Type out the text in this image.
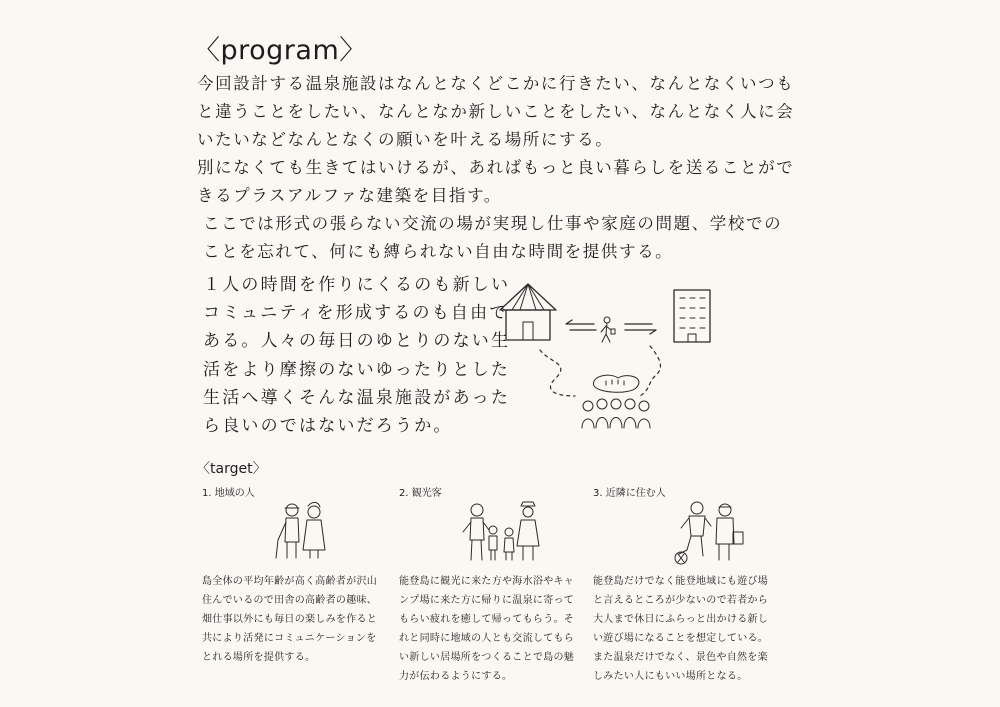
〈program〉
今回設計する温泉施設はなんとなくどこかに行きたい、なんとなくいつも
と違うことをしたい、なんとなか新しいことをしたい、なんとなく人に会
いたいなどなんとなくの願いを叶える場所にする。
別になくても生きてはいけるが、あればもっと良い暮らしを送ることがで
きるプラスアルファな建築を目指す。
ここでは形式の張らない交流の場が実現し仕事や家庭の問題、学校での
ことを忘れて、何にも縛られない自由な時間を提供する。
１人の時間を作りにくるのも新しい
コミュニティを形成するのも自由で
ある。人々の毎日のゆとりのない生
活をより摩擦のないゆったりとした
生活へ導くそんな温泉施設があった
ら良いのではないだろうか。
〈target〉

1. 地域の人

島全体の平均年齢が高く高齢者が沢山住んでいるので田舎の高齢者の趣味、畑仕事以外にも毎日の楽しみを作ると共により活発にコミュニケーションをとれる場所を提供する。

2. 観光客

能登島に観光に来た方や海水浴やキャンプ場に来た方に帰りに温泉に寄ってもらい疲れを癒して帰ってもらう。それと同時に地域の人とも交流してもらい新しい居場所をつくることで島の魅力が伝わるようにする。

3. 近隣に住む人

能登島だけでなく能登地域にも遊び場と言えるところが少ないので若者から大人まで休日にふらっと出かける新しい遊び場になることを想定している。また温泉だけでなく、景色や自然を楽しみたい人にもいい場所となる。
